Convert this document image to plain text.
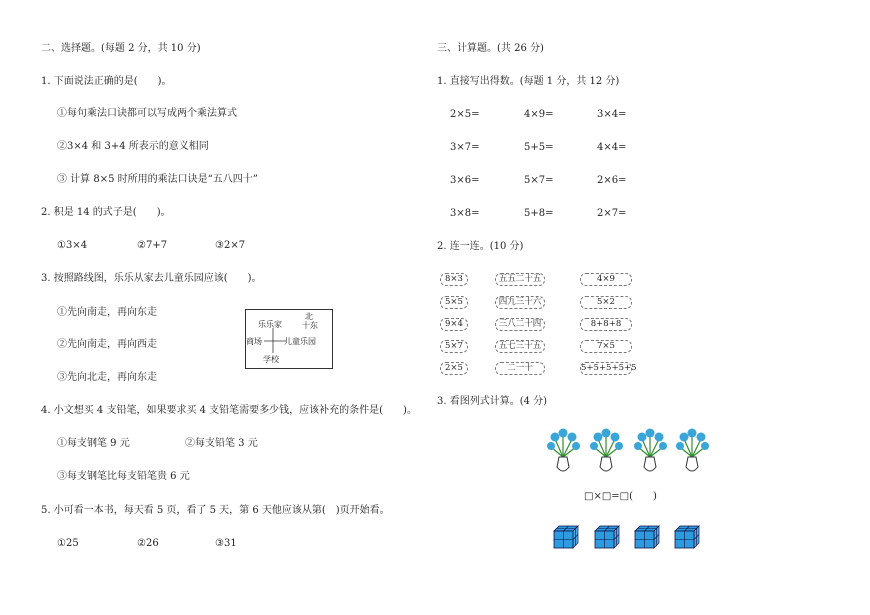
二、选择题。(每题 2 分，共 10 分)
1. 下面说法正确的是(　　)。
①每句乘法口诀都可以写成两个乘法算式
②3×4 和 3+4 所表示的意义相同
③ 计算 8×5 时所用的乘法口诀是“五八四十”
2. 积是 14 的式子是(　　)。
①3×4	②7+7	③2×7
3. 按照路线图，乐乐从家去儿童乐园应该(　　)。
①先向南走，再向东走
②先向南走，再向西走
③先向北走，再向东走
北
十东
乐乐家
商场	儿童乐园
学校
4. 小文想买 4 支铅笔，如果要求买 4 支铅笔需要多少钱，应该补充的条件是(　　)。
①每支钢笔 9 元	②每支铅笔 3 元
③每支钢笔比每支铅笔贵 6 元
5. 小可看一本书，每天看 5 页，看了 5 天，第 6 天他应该从第(　)页开始看。
①25	②26	③31
三、计算题。(共 26 分)
1. 直接写出得数。(每题 1 分，共 12 分)
2×5=	4×9=	3×4=
3×7=	5+5=	4×4=
3×6=	5×7=	2×6=
3×8=	5+8=	2×7=
2. 连一连。(10 分)
8×3
5×5
9×4
5×7
2×5
五五二十五
四九三十六
三八二十四
五七三十五
二一十
4×9
5×2
8+8+8
7×5
5+5+5+5+5
3. 看图列式计算。(4 分)
□×□=□(　　)
